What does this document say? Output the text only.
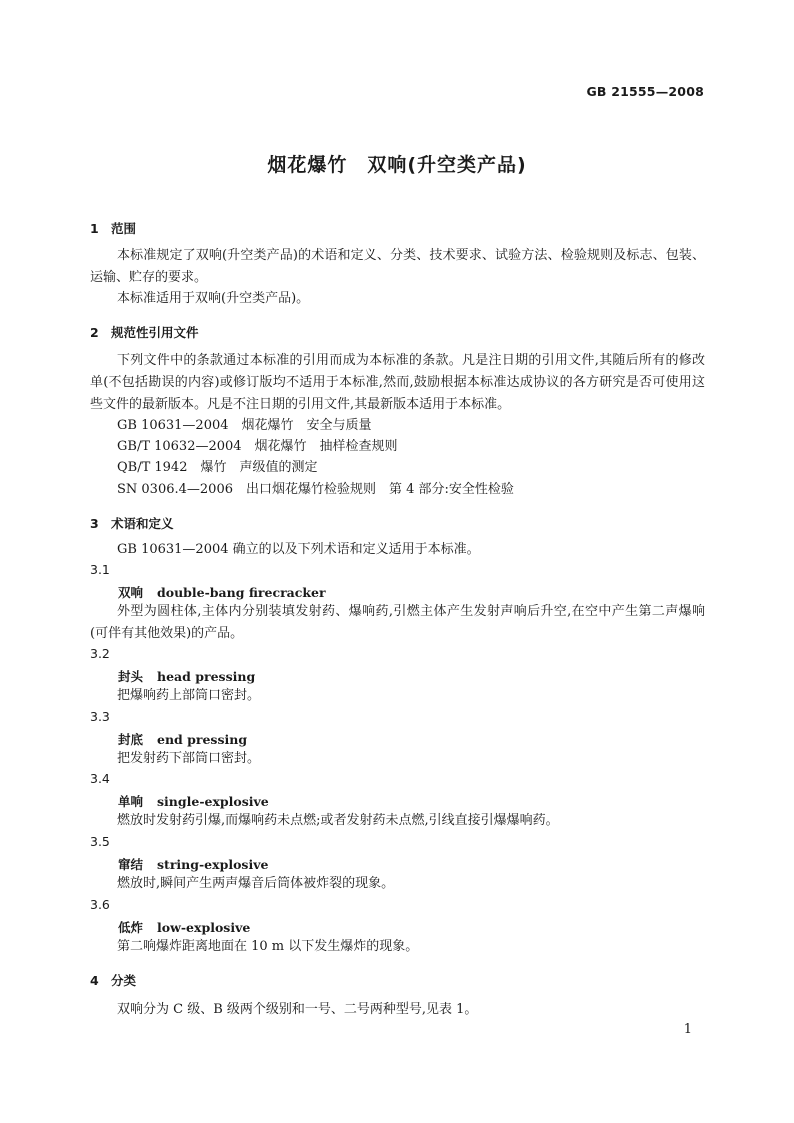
GB 21555—2008
烟花爆竹　双响(升空类产品)
1 范围
本标准规定了双响(升空类产品)的术语和定义、分类、技术要求、试验方法、检验规则及标志、包装、运输、贮存的要求。
本标准适用于双响(升空类产品)。
2 规范性引用文件
下列文件中的条款通过本标准的引用而成为本标准的条款。凡是注日期的引用文件,其随后所有的修改单(不包括勘误的内容)或修订版均不适用于本标准,然而,鼓励根据本标准达成协议的各方研究是否可使用这些文件的最新版本。凡是不注日期的引用文件,其最新版本适用于本标准。
GB 10631—2004　烟花爆竹　安全与质量
GB/T 10632—2004　烟花爆竹　抽样检查规则
QB/T 1942　爆竹　声级值的测定
SN 0306.4—2006　出口烟花爆竹检验规则　第 4 部分:安全性检验
3 术语和定义
GB 10631—2004 确立的以及下列术语和定义适用于本标准。
3.1
双响 double-bang firecracker
外型为圆柱体,主体内分别装填发射药、爆响药,引燃主体产生发射声响后升空,在空中产生第二声爆响(可伴有其他效果)的产品。
3.2
封头 head pressing
把爆响药上部筒口密封。
3.3
封底 end pressing
把发射药下部筒口密封。
3.4
单响 single-explosive
燃放时发射药引爆,而爆响药未点燃;或者发射药未点燃,引线直接引爆爆响药。
3.5
窜结 string-explosive
燃放时,瞬间产生两声爆音后筒体被炸裂的现象。
3.6
低炸 low-explosive
第二响爆炸距离地面在 10 m 以下发生爆炸的现象。
4 分类
双响分为 C 级、B 级两个级别和一号、二号两种型号,见表 1。
1
